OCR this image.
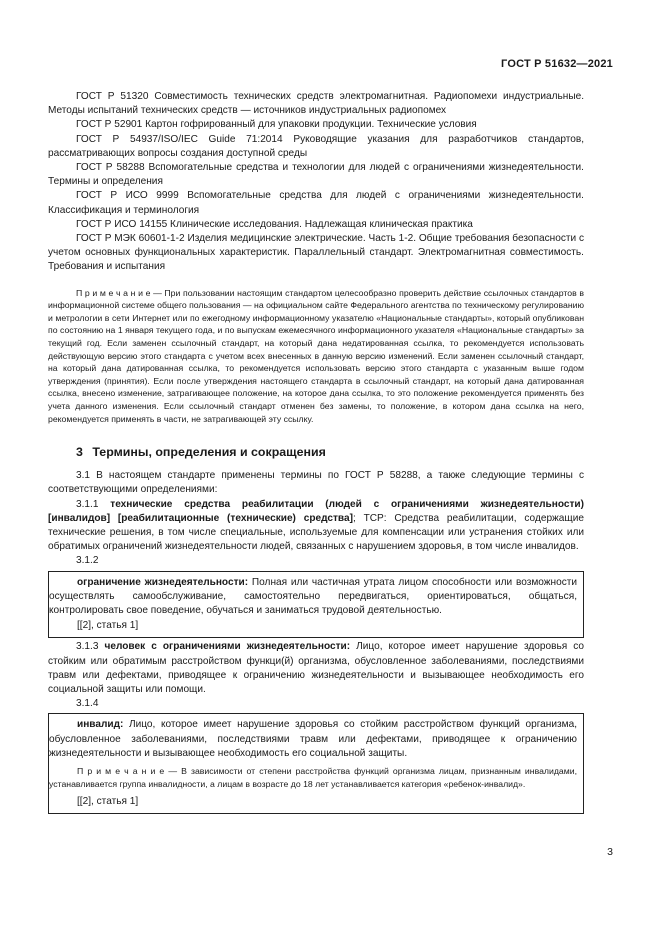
ГОСТ Р 51632—2021

ГОСТ Р 51320 Совместимость технических средств электромагнитная. Радиопомехи индустриальные. Методы испытаний технических средств — источников индустриальных радиопомех

ГОСТ Р 52901 Картон гофрированный для упаковки продукции. Технические условия

ГОСТ Р 54937/ISO/IEC Guide 71:2014 Руководящие указания для разработчиков стандартов, рассматривающих вопросы создания доступной среды

ГОСТ Р 58288 Вспомогательные средства и технологии для людей с ограничениями жизнедеятельности. Термины и определения

ГОСТ Р ИСО 9999 Вспомогательные средства для людей с ограничениями жизнедеятельности. Классификация и терминология

ГОСТ Р ИСО 14155 Клинические исследования. Надлежащая клиническая практика

ГОСТ Р МЭК 60601-1-2 Изделия медицинские электрические. Часть 1-2. Общие требования безопасности с учетом основных функциональных характеристик. Параллельный стандарт. Электромагнитная совместимость. Требования и испытания

П р и м е ч а н и е — При пользовании настоящим стандартом целесообразно проверить действие ссылочных стандартов в информационной системе общего пользования — на официальном сайте Федерального агентства по техническому регулированию и метрологии в сети Интернет или по ежегодному информационному указателю «Национальные стандарты», который опубликован по состоянию на 1 января текущего года, и по выпускам ежемесячного информационного указателя «Национальные стандарты» за текущий год. Если заменен ссылочный стандарт, на который дана недатированная ссылка, то рекомендуется использовать действующую версию этого стандарта с учетом всех внесенных в данную версию изменений. Если заменен ссылочный стандарт, на который дана датированная ссылка, то рекомендуется использовать версию этого стандарта с указанным выше годом утверждения (принятия). Если после утверждения настоящего стандарта в ссылочный стандарт, на который дана датированная ссылка, внесено изменение, затрагивающее положение, на которое дана ссылка, то это положение рекомендуется применять без учета данного изменения. Если ссылочный стандарт отменен без замены, то положение, в котором дана ссылка на него, рекомендуется применять в части, не затрагивающей эту ссылку.

3 Термины, определения и сокращения

3.1 В настоящем стандарте применены термины по ГОСТ Р 58288, а также следующие термины с соответствующими определениями:

3.1.1 технические средства реабилитации (людей с ограничениями жизнедеятельности) [инвалидов] [реабилитационные (технические) средства]; TCP: Средства реабилитации, содержащие технические решения, в том числе специальные, используемые для компенсации или устранения стойких или обратимых ограничений жизнедеятельности людей, связанных с нарушением здоровья, в том числе инвалидов.

3.1.2

ограничение жизнедеятельности: Полная или частичная утрата лицом способности или возможности осуществлять самообслуживание, самостоятельно передвигаться, ориентироваться, общаться, контролировать свое поведение, обучаться и заниматься трудовой деятельностью.

[[2], статья 1]

3.1.3 человек с ограничениями жизнедеятельности: Лицо, которое имеет нарушение здоровья со стойким или обратимым расстройством функци(й) организма, обусловленное заболеваниями, последствиями травм или дефектами, приводящее к ограничению жизнедеятельности и вызывающее необходимость его социальной защиты или помощи.

3.1.4

инвалид: Лицо, которое имеет нарушение здоровья со стойким расстройством функций организма, обусловленное заболеваниями, последствиями травм или дефектами, приводящее к ограничению жизнедеятельности и вызывающее необходимость его социальной защиты.

П р и м е ч а н и е — В зависимости от степени расстройства функций организма лицам, признанным инвалидами, устанавливается группа инвалидности, а лицам в возрасте до 18 лет устанавливается категория «ребенок-инвалид».

[[2], статья 1]

3
